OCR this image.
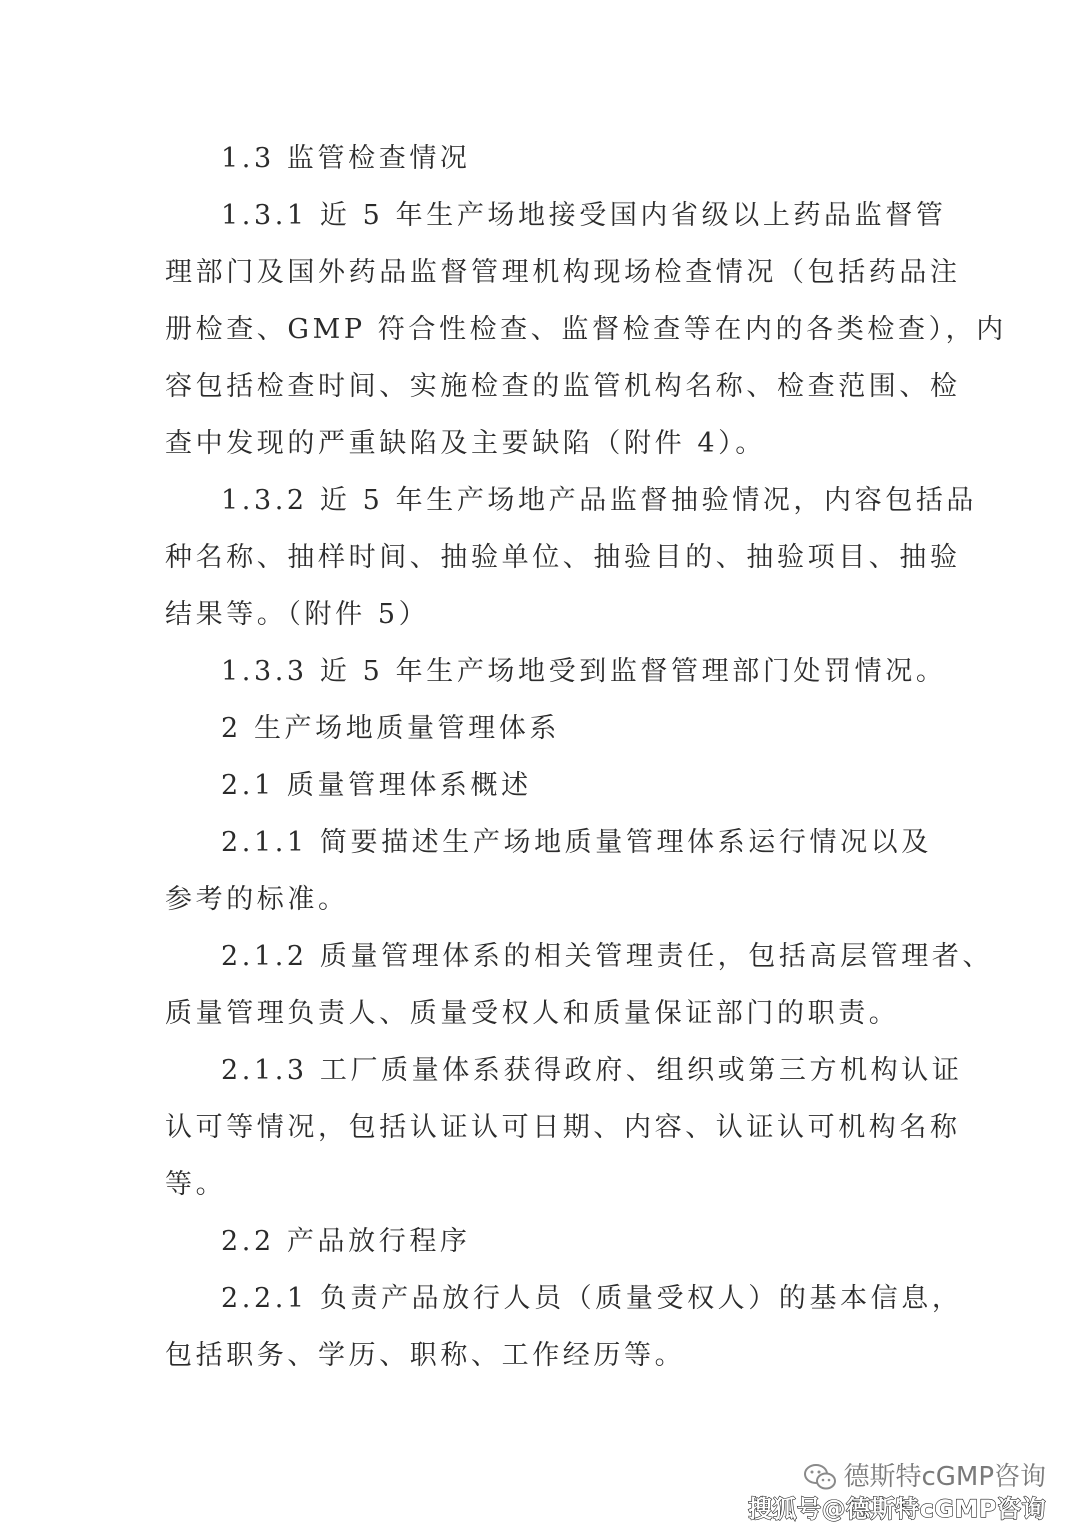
1.3 监管检查情况
1.3.1 近 5 年生产场地接受国内省级以上药品监督管
理部门及国外药品监督管理机构现场检查情况（包括药品注
册检查、GMP 符合性检查、监督检查等在内的各类检查），内
容包括检查时间、实施检查的监管机构名称、检查范围、检
查中发现的严重缺陷及主要缺陷（附件 4）。
1.3.2 近 5 年生产场地产品监督抽验情况，内容包括品
种名称、抽样时间、抽验单位、抽验目的、抽验项目、抽验
结果等。（附件 5）
1.3.3 近 5 年生产场地受到监督管理部门处罚情况。
2 生产场地质量管理体系
2.1 质量管理体系概述
2.1.1 简要描述生产场地质量管理体系运行情况以及
参考的标准。
2.1.2 质量管理体系的相关管理责任，包括高层管理者、
质量管理负责人、质量受权人和质量保证部门的职责。
2.1.3 工厂质量体系获得政府、组织或第三方机构认证
认可等情况，包括认证认可日期、内容、认证认可机构名称
等。
2.2 产品放行程序
2.2.1 负责产品放行人员（质量受权人）的基本信息，
包括职务、学历、职称、工作经历等。
德斯特cGMP咨询
搜狐号@德斯特cGMP咨询
